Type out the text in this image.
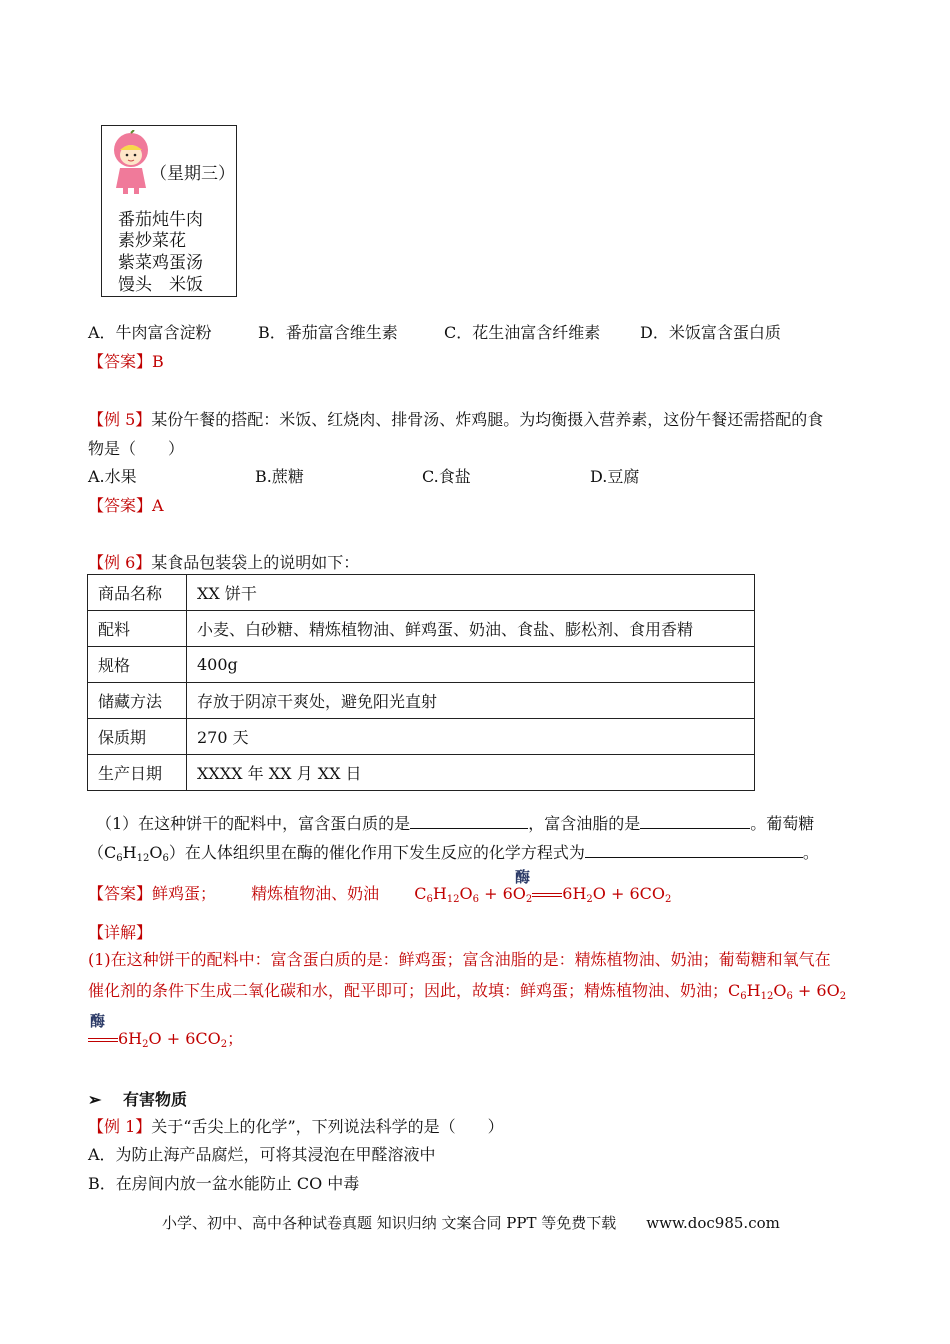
（星期三）
番茄炖牛肉
素炒菜花
紫菜鸡蛋汤
馒头　米饭
A．牛肉富含淀粉	B．番茄富含维生素	C．花生油富含纤维素 D．米饭富含蛋白质
【答案】B
【例 5】某份午餐的搭配：米饭、红烧肉、排骨汤、炸鸡腿。为均衡摄入营养素，这份午餐还需搭配的食
物是（　　）
A.水果	B.蔗糖	C.食盐	D.豆腐
【答案】A
【例 6】某食品包装袋上的说明如下：
商品名称	XX 饼干
配料	小麦、白砂糖、精炼植物油、鲜鸡蛋、奶油、食盐、膨松剂、食用香精
规格	400g
储藏方法	存放于阴凉干爽处，避免阳光直射
保质期	270 天
生产日期	XXXX 年 XX 月 XX 日
（1）在这种饼干的配料中，富含蛋白质的是	，富含油脂的是	。葡萄糖
$(C_6H_{12}O_6)$在人体组织里在酶的催化作用下发生反应的化学方程式为	。
【答案】鲜鸡蛋； 精炼植物油、奶油 $C_6H_{12}O_6 + 6O_2$ $6H_2O + 6CO_2$
酶
【详解】
(1)在这种饼干的配料中：富含蛋白质的是：鲜鸡蛋；富含油脂的是：精炼植物油、奶油；葡萄糖和氧气在
催化剂的条件下生成二氧化碳和水，配平即可；因此，故填：鲜鸡蛋；精炼植物油、奶油；$C_6H_{12}O_6 + 6O_2$
酶
$6H_2O + 6CO_2$；
➢ 有害物质
【例 1】关于“舌尖上的化学”，下列说法科学的是（　　）
A．为防止海产品腐烂，可将其浸泡在甲醛溶液中
B．在房间内放一盆水能防止 CO 中毒
小学、初中、高中各种试卷真题 知识归纳 文案合同 PPT 等免费下载　　www.doc985.com
